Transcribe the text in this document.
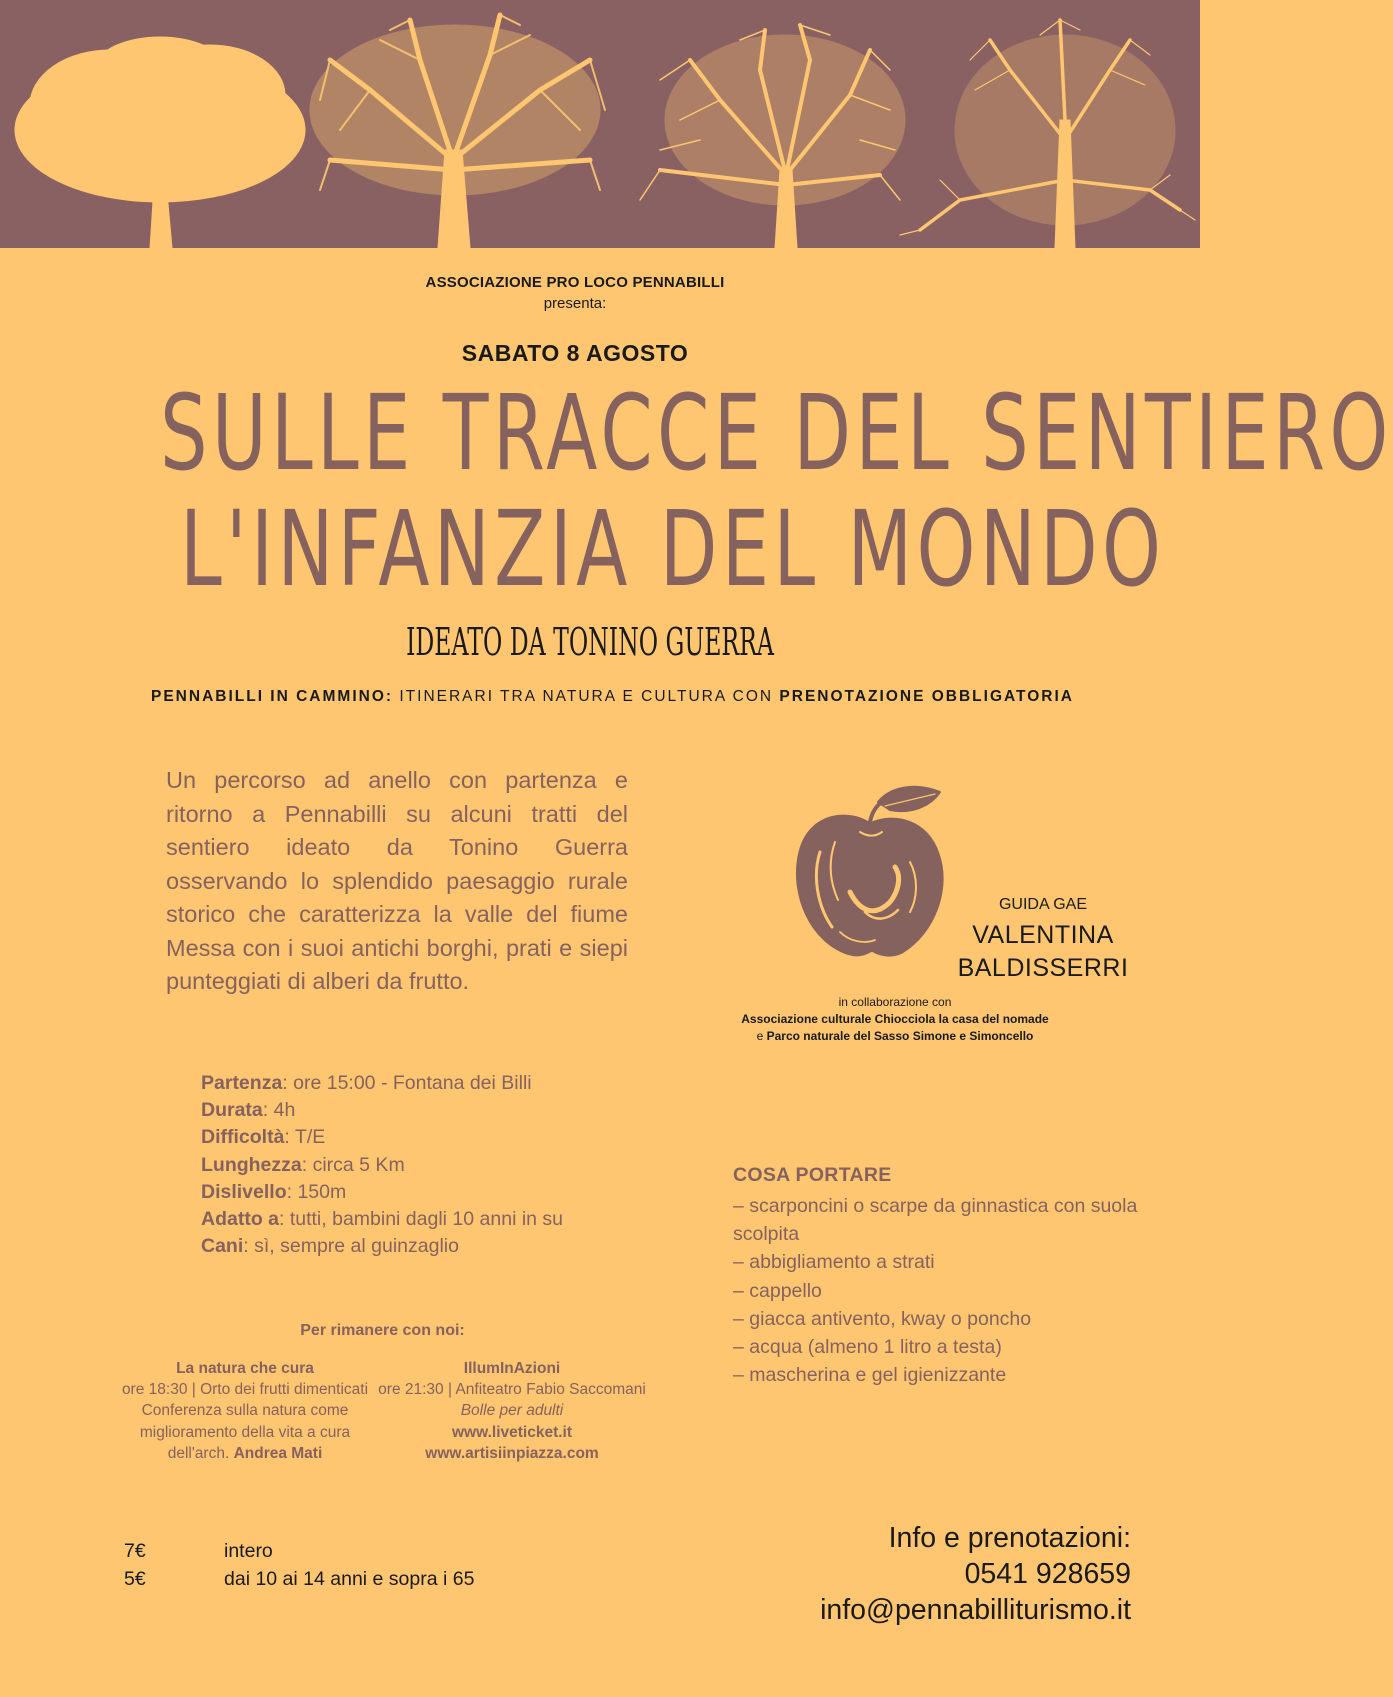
ASSOCIAZIONE PRO LOCO PENNABILLI
presenta:
SABATO 8 AGOSTO
SULLE TRACCE DEL SENTIERO
L'INFANZIA DEL MONDO
IDEATO DA TONINO GUERRA
PENNABILLI IN CAMMINO: ITINERARI TRA NATURA E CULTURA CON PRENOTAZIONE OBBLIGATORIA
Un percorso ad anello con partenza e ritorno a Pennabilli su alcuni tratti del sentiero ideato da Tonino Guerra osservando lo splendido paesaggio rurale storico che caratterizza la valle del fiume Messa con i suoi antichi borghi, prati e siepi punteggiati di alberi da frutto.
Partenza: ore 15:00 - Fontana dei Billi
Durata: 4h
Difficoltà: T/E
Lunghezza: circa 5 Km
Dislivello: 150m
Adatto a: tutti, bambini dagli 10 anni in su
Cani: sì, sempre al guinzaglio
GUIDA GAE
VALENTINA
BALDISSERRI
in collaborazione con
Associazione culturale Chiocciola la casa del nomade
e Parco naturale del Sasso Simone e Simoncello
COSA PORTARE
– scarponcini o scarpe da ginnastica con suola scolpita
– abbigliamento a strati
– cappello
– giacca antivento, kway o poncho
– acqua (almeno 1 litro a testa)
– mascherina e gel igienizzante
Per rimanere con noi:
La natura che cura
ore 18:30 | Orto dei frutti dimenticati
Conferenza sulla natura come miglioramento della vita a cura dell'arch. Andrea Mati
IllumInAzioni
ore 21:30 | Anfiteatro Fabio Saccomani
Bolle per adulti
www.liveticket.it
www.artisiinpiazza.com
7€	intero
5€	dai 10 ai 14 anni e sopra i 65
Info e prenotazioni:
0541 928659
info@pennabilliturismo.it
